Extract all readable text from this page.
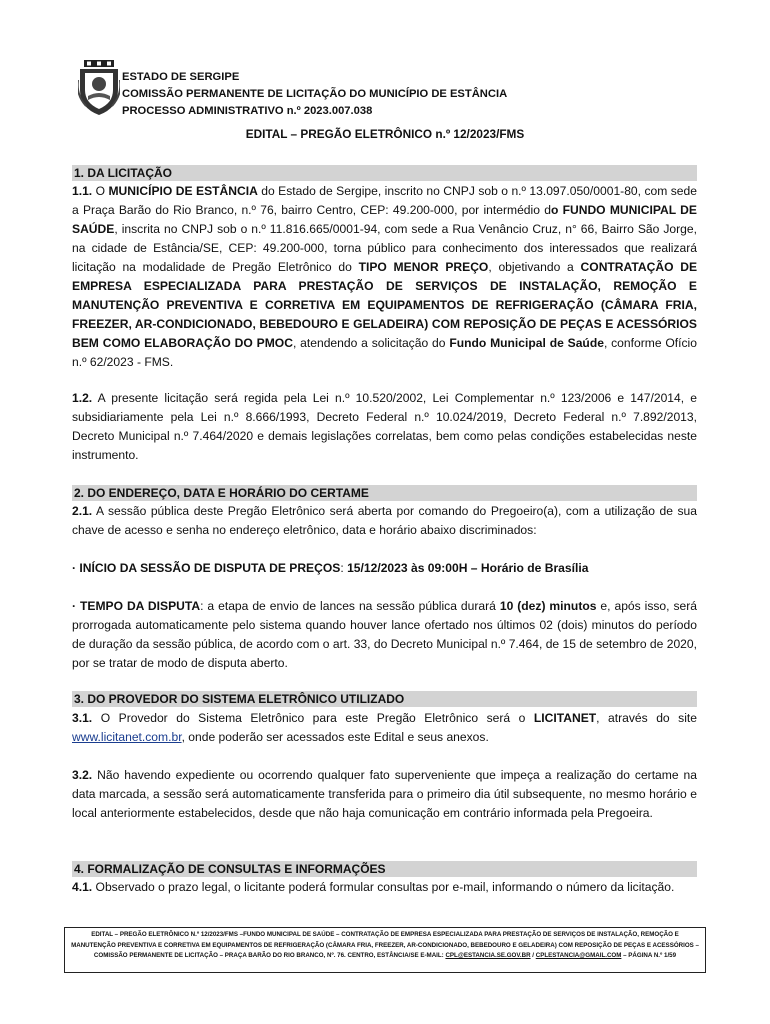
ESTADO DE SERGIPE
COMISSÃO PERMANENTE DE LICITAÇÃO DO MUNICÍPIO DE ESTÂNCIA
PROCESSO ADMINISTRATIVO n.º 2023.007.038
EDITAL – PREGÃO ELETRÔNICO n.º 12/2023/FMS
1. DA LICITAÇÃO
1.1. O MUNICÍPIO DE ESTÂNCIA do Estado de Sergipe, inscrito no CNPJ sob o n.º 13.097.050/0001-80, com sede a Praça Barão do Rio Branco, n.º 76, bairro Centro, CEP: 49.200-000, por intermédio do FUNDO MUNICIPAL DE SAÚDE, inscrita no CNPJ sob o n.º 11.816.665/0001-94, com sede a Rua Venâncio Cruz, n° 66, Bairro São Jorge, na cidade de Estância/SE, CEP: 49.200-000, torna público para conhecimento dos interessados que realizará licitação na modalidade de Pregão Eletrônico do TIPO MENOR PREÇO, objetivando a CONTRATAÇÃO DE EMPRESA ESPECIALIZADA PARA PRESTAÇÃO DE SERVIÇOS DE INSTALAÇÃO, REMOÇÃO E MANUTENÇÃO PREVENTIVA E CORRETIVA EM EQUIPAMENTOS DE REFRIGERAÇÃO (CÂMARA FRIA, FREEZER, AR-CONDICIONADO, BEBEDOURO E GELADEIRA) COM REPOSIÇÃO DE PEÇAS E ACESSÓRIOS BEM COMO ELABORAÇÃO DO PMOC, atendendo a solicitação do Fundo Municipal de Saúde, conforme Ofício n.º 62/2023 - FMS.
1.2. A presente licitação será regida pela Lei n.º 10.520/2002, Lei Complementar n.º 123/2006 e 147/2014, e subsidiariamente pela Lei n.º 8.666/1993, Decreto Federal n.º 10.024/2019, Decreto Federal n.º 7.892/2013, Decreto Municipal n.º 7.464/2020 e demais legislações correlatas, bem como pelas condições estabelecidas neste instrumento.
2. DO ENDEREÇO, DATA E HORÁRIO DO CERTAME
2.1. A sessão pública deste Pregão Eletrônico será aberta por comando do Pregoeiro(a), com a utilização de sua chave de acesso e senha no endereço eletrônico, data e horário abaixo discriminados:
· INÍCIO DA SESSÃO DE DISPUTA DE PREÇOS: 15/12/2023 às 09:00H – Horário de Brasília
· TEMPO DA DISPUTA: a etapa de envio de lances na sessão pública durará 10 (dez) minutos e, após isso, será prorrogada automaticamente pelo sistema quando houver lance ofertado nos últimos 02 (dois) minutos do período de duração da sessão pública, de acordo com o art. 33, do Decreto Municipal n.º 7.464, de 15 de setembro de 2020, por se tratar de modo de disputa aberto.
3. DO PROVEDOR DO SISTEMA ELETRÔNICO UTILIZADO
3.1. O Provedor do Sistema Eletrônico para este Pregão Eletrônico será o LICITANET, através do site www.licitanet.com.br, onde poderão ser acessados este Edital e seus anexos.
3.2. Não havendo expediente ou ocorrendo qualquer fato superveniente que impeça a realização do certame na data marcada, a sessão será automaticamente transferida para o primeiro dia útil subsequente, no mesmo horário e local anteriormente estabelecidos, desde que não haja comunicação em contrário informada pela Pregoeira.
4. FORMALIZAÇÃO DE CONSULTAS E INFORMAÇÕES
4.1. Observado o prazo legal, o licitante poderá formular consultas por e-mail, informando o número da licitação.
EDITAL – PREGÃO ELETRÔNICO N.º 12/2023/FMS –FUNDO MUNICIPAL DE SAÚDE – CONTRATAÇÃO DE EMPRESA ESPECIALIZADA PARA PRESTAÇÃO DE SERVIÇOS DE INSTALAÇÃO, REMOÇÃO E MANUTENÇÃO PREVENTIVA E CORRETIVA EM EQUIPAMENTOS DE REFRIGERAÇÃO (CÂMARA FRIA, FREEZER, AR-CONDICIONADO, BEBEDOURO E GELADEIRA) COM REPOSIÇÃO DE PEÇAS E ACESSÓRIOS – COMISSÃO PERMANENTE DE LICITAÇÃO – PRAÇA BARÃO DO RIO BRANCO, Nº. 76. CENTRO, ESTÂNCIA/SE E-MAIL: CPL@ESTANCIA.SE.GOV.BR / CPLESTANCIA@GMAIL.COM – PÁGINA N.º 1/59
